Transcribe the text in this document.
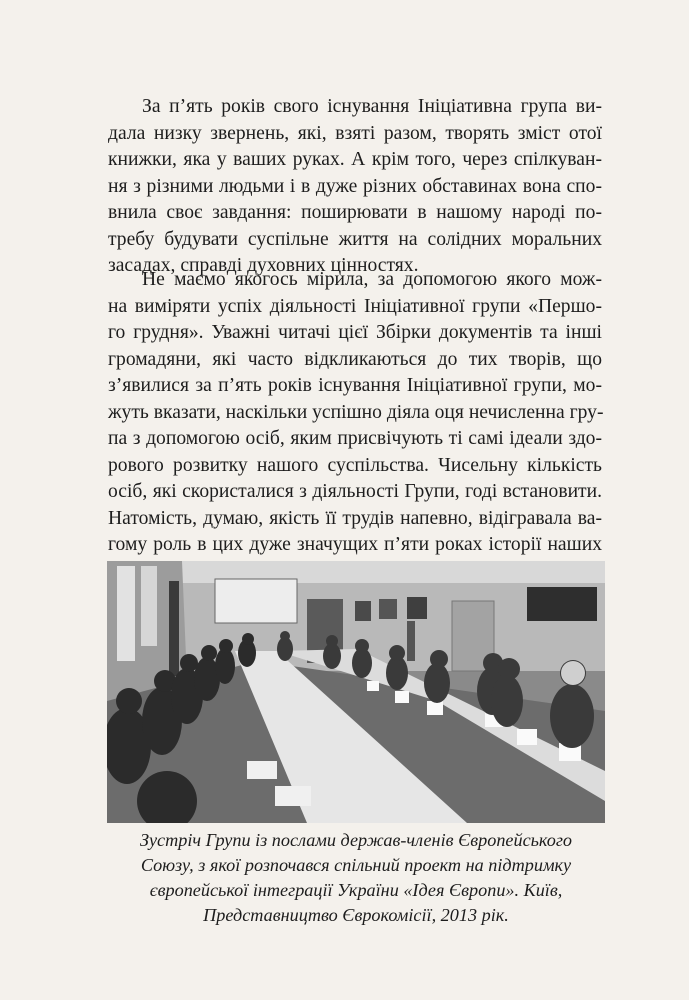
За п’ять років свого існування Ініціативна група ви-
дала низку звернень, які, взяті разом, творять зміст отої
книжки, яка у ваших руках. А крім того, через спілкуван-
ня з різними людьми і в дуже різних обставинах вона спо-
внила своє завдання: поширювати в нашому народі по-
требу будувати суспільне життя на солідних моральних
засадах, справді духовних цінностях.

Не маємо якогось мірила, за допомогою якого мож-
на виміряти успіх діяльності Ініціативної групи «Першо-
го грудня». Уважні читачі цієї Збірки документів та інші
громадяни, які часто відкликаються до тих творів, що
з’явилися за п’ять років існування Ініціативної групи, мо-
жуть вказати, наскільки успішно діяла оця нечисленна гру-
па з допомогою осіб, яким присвічують ті самі ідеали здо-
рового розвитку нашого суспільства. Чисельну кількість
осіб, які скористалися з діяльності Групи, годі встановити.
Натомість, думаю, якість її трудів напевно, відігравала ва-
гому роль в цих дуже значущих п’яти роках історії наших

Зустріч Групи із послами держав-членів Європейського
Союзу, з якої розпочався спільний проект на підтримку
європейської інтеграції України «Ідея Європи». Київ,
Представництво Єврокомісії, 2013 рік.
